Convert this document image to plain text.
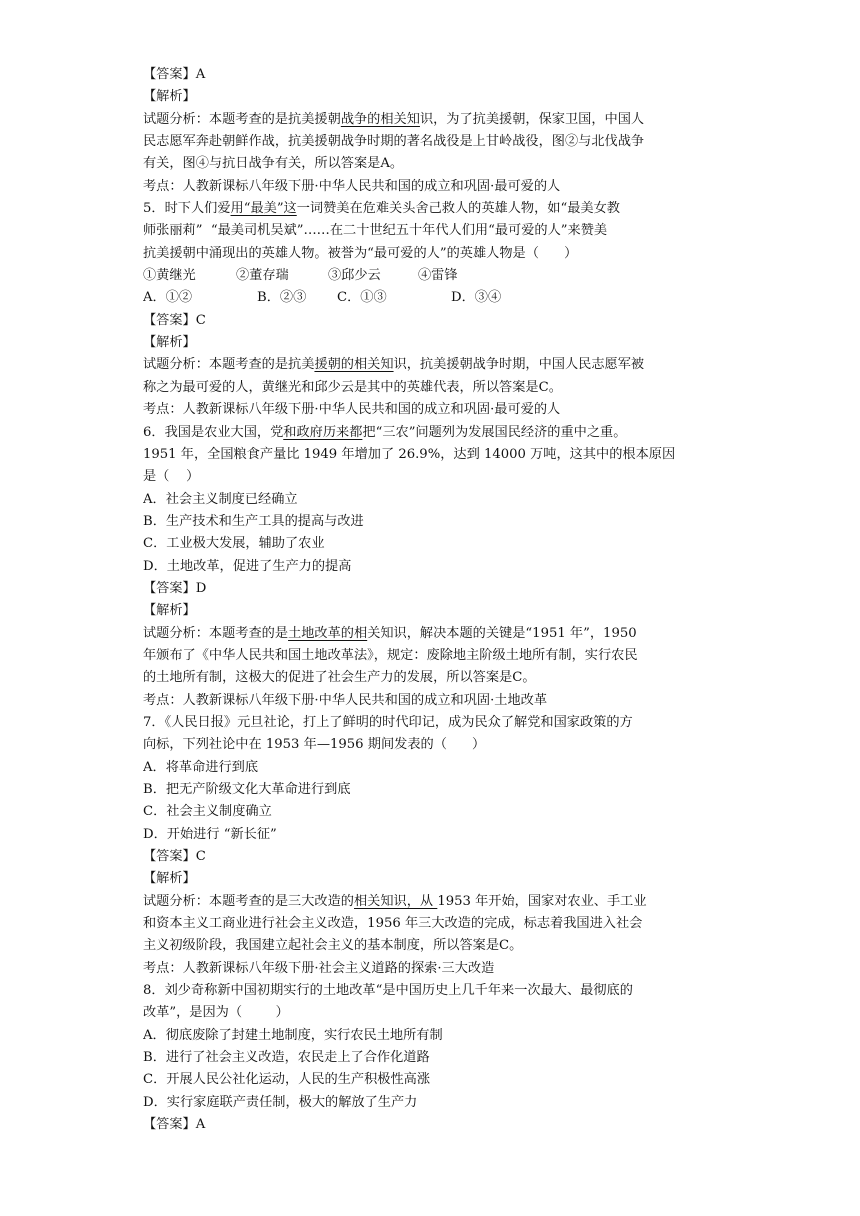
【答案】A
【解析】
试题分析：本题考查的是抗美援朝战争的相关知识，为了抗美援朝，保家卫国，中国人
民志愿军奔赴朝鲜作战，抗美援朝战争时期的著名战役是上甘岭战役，图②与北伐战争
有关，图④与抗日战争有关，所以答案是A。
考点：人教新课标八年级下册·中华人民共和国的成立和巩固·最可爱的人
5．时下人们爱用“最美”这一词赞美在危难关头舍己救人的英雄人物，如“最美女教
师张丽莉”  “最美司机吴斌”……在二十世纪五十年代人们用“最可爱的人”来赞美
抗美援朝中涌现出的英雄人物。被誉为“最可爱的人”的英雄人物是（      ）
①黄继光	②董存瑞	③邱少云	④雷锋
A．①②	B．②③ C．①③	D．③④
【答案】C
【解析】
试题分析：本题考查的是抗美援朝的相关知识，抗美援朝战争时期，中国人民志愿军被
称之为最可爱的人，黄继光和邱少云是其中的英雄代表，所以答案是C。
考点：人教新课标八年级下册·中华人民共和国的成立和巩固·最可爱的人
6．我国是农业大国，党和政府历来都把“三农”问题列为发展国民经济的重中之重。
1951 年，全国粮食产量比 1949 年增加了 26.9%，达到 14000 万吨，这其中的根本原因
是（    ）
A．社会主义制度已经确立
B．生产技术和生产工具的提高与改进
C．工业极大发展，辅助了农业
D．土地改革，促进了生产力的提高
【答案】D
【解析】
试题分析：本题考查的是土地改革的相关知识，解决本题的关键是“1951 年”，1950
年颁布了《中华人民共和国土地改革法》，规定：废除地主阶级土地所有制，实行农民
的土地所有制，这极大的促进了社会生产力的发展，所以答案是C。
考点：人教新课标八年级下册·中华人民共和国的成立和巩固·土地改革
7．《人民日报》元旦社论，打上了鲜明的时代印记，成为民众了解党和国家政策的方
向标，下列社论中在 1953 年—1956 期间发表的（      ）
A．将革命进行到底
B．把无产阶级文化大革命进行到底
C．社会主义制度确立
D．开始进行 “新长征”
【答案】C
【解析】
试题分析：本题考查的是三大改造的相关知识，从 1953 年开始，国家对农业、手工业
和资本主义工商业进行社会主义改造，1956 年三大改造的完成，标志着我国进入社会
主义初级阶段，我国建立起社会主义的基本制度，所以答案是C。
考点：人教新课标八年级下册·社会主义道路的探索·三大改造
8．刘少奇称新中国初期实行的土地改革“是中国历史上几千年来一次最大、最彻底的
改革”，是因为（        ）
A．彻底废除了封建土地制度，实行农民土地所有制
B．进行了社会主义改造，农民走上了合作化道路
C．开展人民公社化运动，人民的生产积极性高涨
D．实行家庭联产责任制，极大的解放了生产力
【答案】A
